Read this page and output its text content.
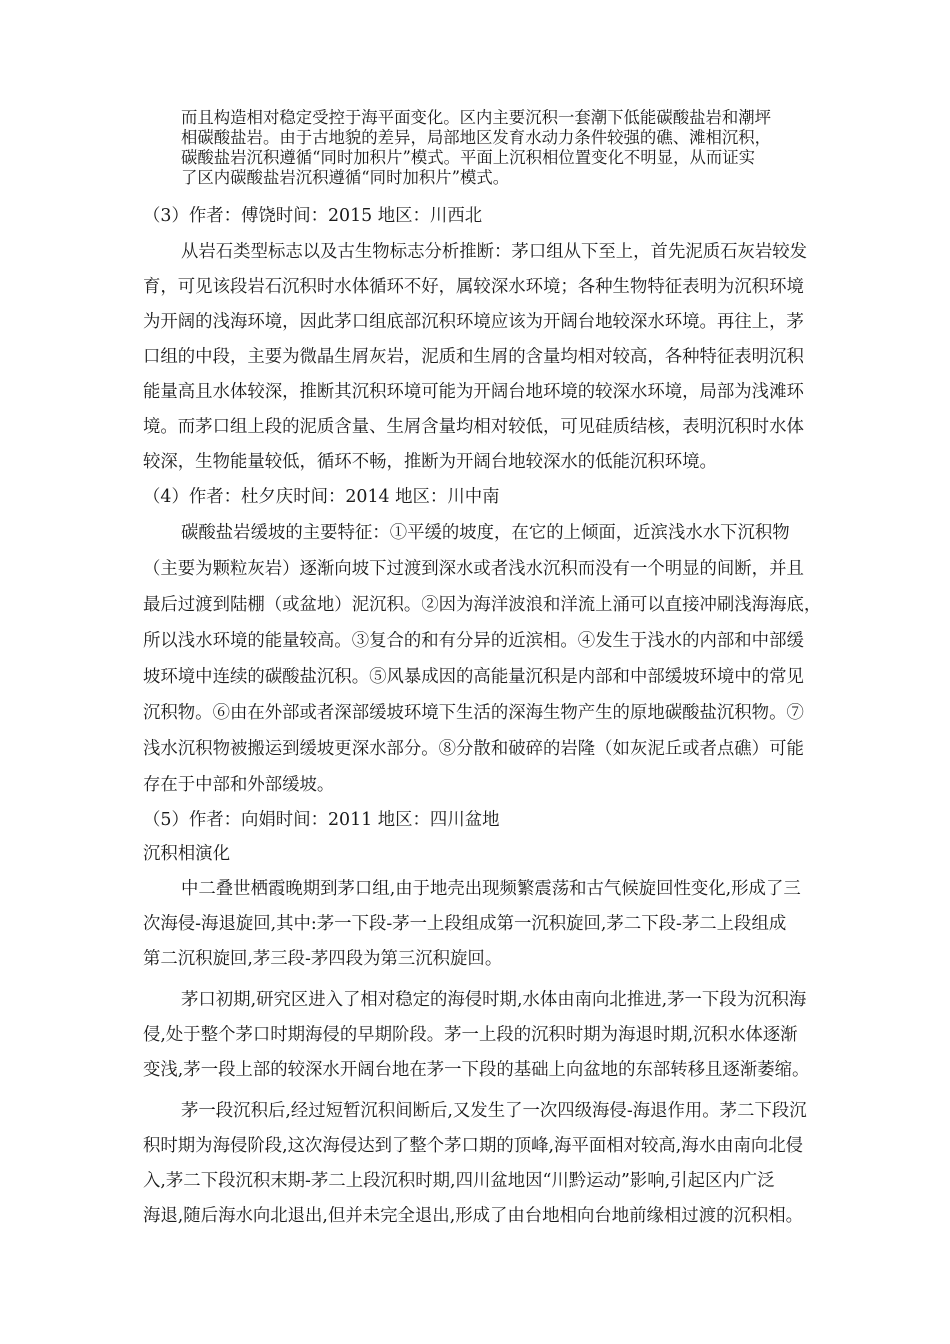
而且构造相对稳定受控于海平面变化。区内主要沉积一套潮下低能碳酸盐岩和潮坪
相碳酸盐岩。由于古地貌的差异，局部地区发育水动力条件较强的礁、滩相沉积，
碳酸盐岩沉积遵循“同时加积片”模式。平面上沉积相位置变化不明显，从而证实
了区内碳酸盐岩沉积遵循“同时加积片”模式。
（3）作者：傅饶时间：2015 地区：川西北
从岩石类型标志以及古生物标志分析推断：茅口组从下至上，首先泥质石灰岩较发
育，可见该段岩石沉积时水体循环不好，属较深水环境；各种生物特征表明为沉积环境
为开阔的浅海环境，因此茅口组底部沉积环境应该为开阔台地较深水环境。再往上，茅
口组的中段，主要为微晶生屑灰岩，泥质和生屑的含量均相对较高，各种特征表明沉积
能量高且水体较深，推断其沉积环境可能为开阔台地环境的较深水环境，局部为浅滩环
境。而茅口组上段的泥质含量、生屑含量均相对较低，可见硅质结核，表明沉积时水体
较深，生物能量较低，循环不畅，推断为开阔台地较深水的低能沉积环境。
（4）作者：杜夕庆时间：2014 地区：川中南
碳酸盐岩缓坡的主要特征：①平缓的坡度，在它的上倾面，近滨浅水水下沉积物
（主要为颗粒灰岩）逐渐向坡下过渡到深水或者浅水沉积而没有一个明显的间断，并且
最后过渡到陆棚（或盆地）泥沉积。②因为海洋波浪和洋流上涌可以直接冲刷浅海海底，
所以浅水环境的能量较高。③复合的和有分异的近滨相。④发生于浅水的内部和中部缓
坡环境中连续的碳酸盐沉积。⑤风暴成因的高能量沉积是内部和中部缓坡环境中的常见
沉积物。⑥由在外部或者深部缓坡环境下生活的深海生物产生的原地碳酸盐沉积物。⑦
浅水沉积物被搬运到缓坡更深水部分。⑧分散和破碎的岩隆（如灰泥丘或者点礁）可能
存在于中部和外部缓坡。
（5）作者：向娟时间：2011 地区：四川盆地
沉积相演化
中二叠世栖霞晚期到茅口组,由于地壳出现频繁震荡和古气候旋回性变化,形成了三
次海侵-海退旋回,其中:茅一下段-茅一上段组成第一沉积旋回,茅二下段-茅二上段组成
第二沉积旋回,茅三段-茅四段为第三沉积旋回。
茅口初期,研究区进入了相对稳定的海侵时期,水体由南向北推进,茅一下段为沉积海
侵,处于整个茅口时期海侵的早期阶段。茅一上段的沉积时期为海退时期,沉积水体逐渐
变浅,茅一段上部的较深水开阔台地在茅一下段的基础上向盆地的东部转移且逐渐萎缩。
茅一段沉积后,经过短暂沉积间断后,又发生了一次四级海侵-海退作用。茅二下段沉
积时期为海侵阶段,这次海侵达到了整个茅口期的顶峰,海平面相对较高,海水由南向北侵
入,茅二下段沉积末期-茅二上段沉积时期,四川盆地因“川黔运动”影响,引起区内广泛
海退,随后海水向北退出,但并未完全退出,形成了由台地相向台地前缘相过渡的沉积相。
